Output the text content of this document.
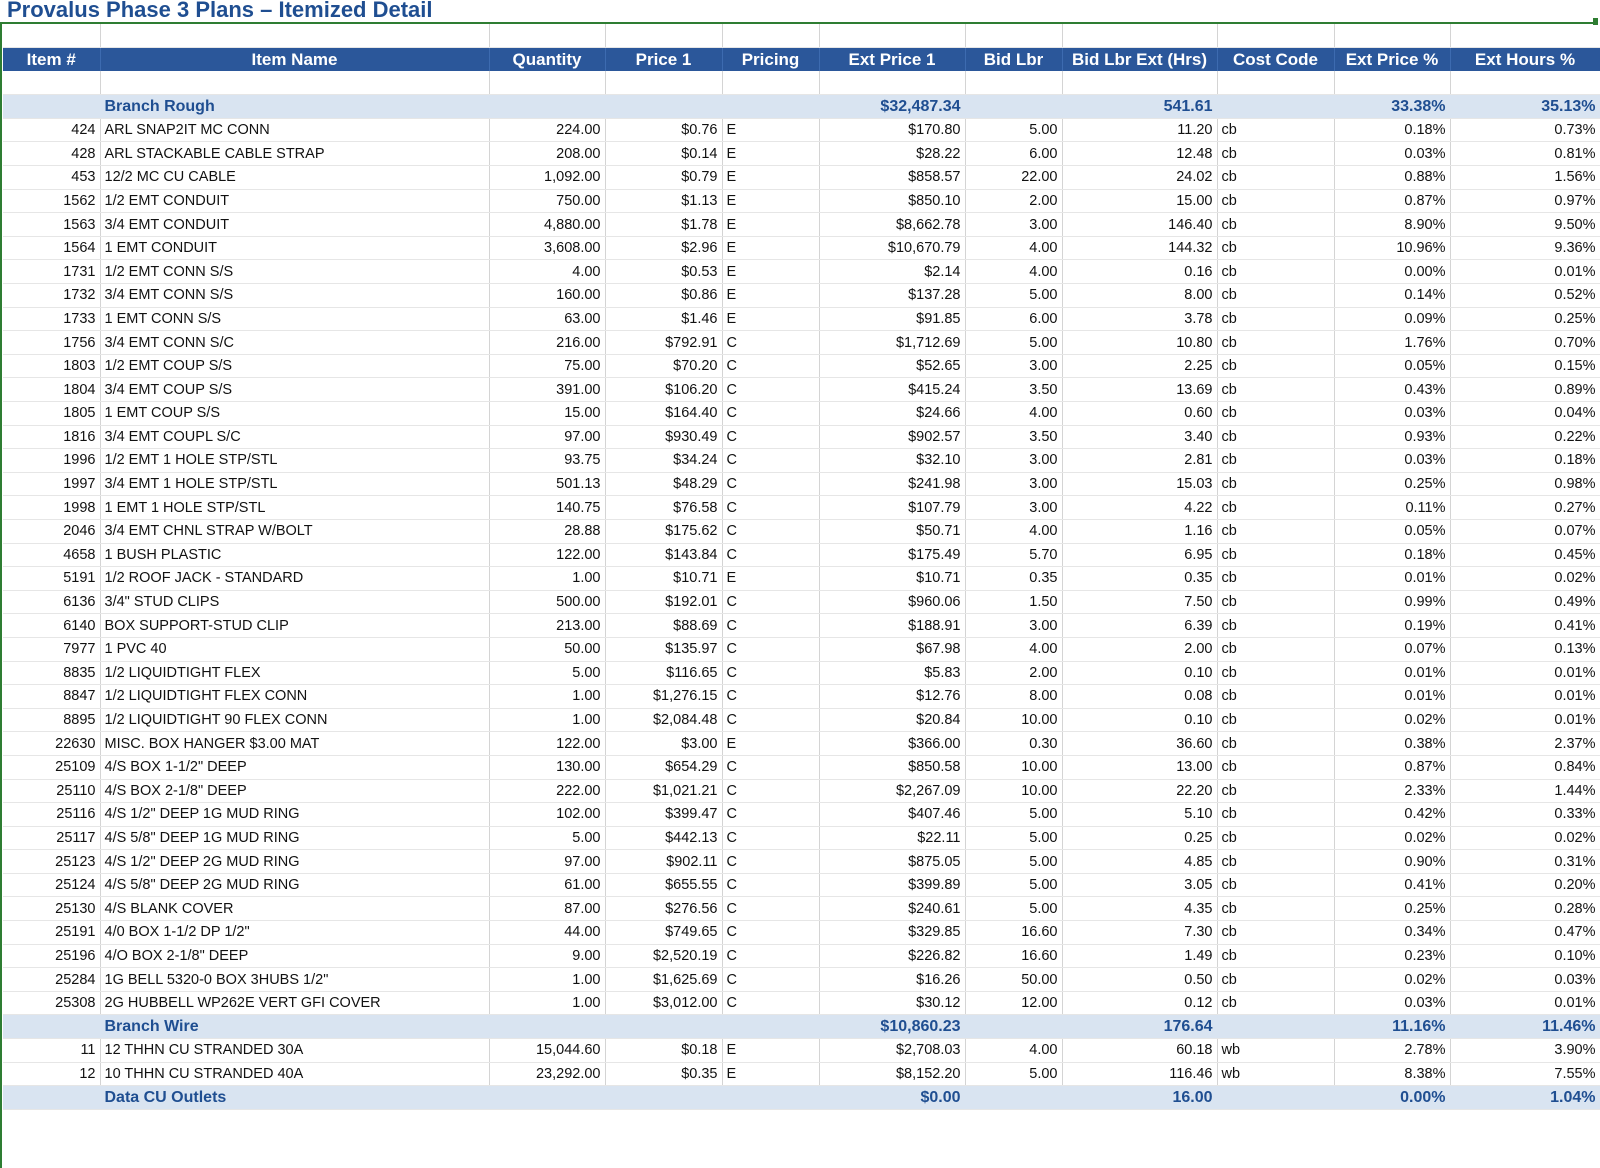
Provalus Phase 3 Plans – Itemized Detail

Item #	Item Name	Quantity	Price 1	Pricing	Ext Price 1	Bid Lbr	Bid Lbr Ext (Hrs)	Cost Code	Ext Price %	Ext Hours %

	Branch Rough				$32,487.34		541.61		33.38%	35.13%
424	ARL SNAP2IT MC CONN	224.00	$0.76	E	$170.80	5.00	11.20	cb	0.18%	0.73%
428	ARL STACKABLE CABLE STRAP	208.00	$0.14	E	$28.22	6.00	12.48	cb	0.03%	0.81%
453	12/2 MC CU CABLE	1,092.00	$0.79	E	$858.57	22.00	24.02	cb	0.88%	1.56%
1562	1/2 EMT CONDUIT	750.00	$1.13	E	$850.10	2.00	15.00	cb	0.87%	0.97%
1563	3/4 EMT CONDUIT	4,880.00	$1.78	E	$8,662.78	3.00	146.40	cb	8.90%	9.50%
1564	1 EMT CONDUIT	3,608.00	$2.96	E	$10,670.79	4.00	144.32	cb	10.96%	9.36%
1731	1/2 EMT CONN S/S	4.00	$0.53	E	$2.14	4.00	0.16	cb	0.00%	0.01%
1732	3/4 EMT CONN S/S	160.00	$0.86	E	$137.28	5.00	8.00	cb	0.14%	0.52%
1733	1 EMT CONN S/S	63.00	$1.46	E	$91.85	6.00	3.78	cb	0.09%	0.25%
1756	3/4 EMT CONN S/C	216.00	$792.91	C	$1,712.69	5.00	10.80	cb	1.76%	0.70%
1803	1/2 EMT COUP S/S	75.00	$70.20	C	$52.65	3.00	2.25	cb	0.05%	0.15%
1804	3/4 EMT COUP S/S	391.00	$106.20	C	$415.24	3.50	13.69	cb	0.43%	0.89%
1805	1 EMT COUP S/S	15.00	$164.40	C	$24.66	4.00	0.60	cb	0.03%	0.04%
1816	3/4 EMT COUPL S/C	97.00	$930.49	C	$902.57	3.50	3.40	cb	0.93%	0.22%
1996	1/2 EMT 1 HOLE STP/STL	93.75	$34.24	C	$32.10	3.00	2.81	cb	0.03%	0.18%
1997	3/4 EMT 1 HOLE STP/STL	501.13	$48.29	C	$241.98	3.00	15.03	cb	0.25%	0.98%
1998	1 EMT 1 HOLE STP/STL	140.75	$76.58	C	$107.79	3.00	4.22	cb	0.11%	0.27%
2046	3/4 EMT CHNL STRAP W/BOLT	28.88	$175.62	C	$50.71	4.00	1.16	cb	0.05%	0.07%
4658	1 BUSH PLASTIC	122.00	$143.84	C	$175.49	5.70	6.95	cb	0.18%	0.45%
5191	1/2 ROOF JACK - STANDARD	1.00	$10.71	E	$10.71	0.35	0.35	cb	0.01%	0.02%
6136	3/4" STUD CLIPS	500.00	$192.01	C	$960.06	1.50	7.50	cb	0.99%	0.49%
6140	BOX SUPPORT-STUD CLIP	213.00	$88.69	C	$188.91	3.00	6.39	cb	0.19%	0.41%
7977	1 PVC 40	50.00	$135.97	C	$67.98	4.00	2.00	cb	0.07%	0.13%
8835	1/2 LIQUIDTIGHT FLEX	5.00	$116.65	C	$5.83	2.00	0.10	cb	0.01%	0.01%
8847	1/2 LIQUIDTIGHT FLEX CONN	1.00	$1,276.15	C	$12.76	8.00	0.08	cb	0.01%	0.01%
8895	1/2 LIQUIDTIGHT 90 FLEX CONN	1.00	$2,084.48	C	$20.84	10.00	0.10	cb	0.02%	0.01%
22630	MISC. BOX HANGER $3.00 MAT	122.00	$3.00	E	$366.00	0.30	36.60	cb	0.38%	2.37%
25109	4/S BOX 1-1/2" DEEP	130.00	$654.29	C	$850.58	10.00	13.00	cb	0.87%	0.84%
25110	4/S BOX 2-1/8" DEEP	222.00	$1,021.21	C	$2,267.09	10.00	22.20	cb	2.33%	1.44%
25116	4/S 1/2" DEEP 1G MUD RING	102.00	$399.47	C	$407.46	5.00	5.10	cb	0.42%	0.33%
25117	4/S 5/8" DEEP 1G MUD RING	5.00	$442.13	C	$22.11	5.00	0.25	cb	0.02%	0.02%
25123	4/S 1/2" DEEP 2G MUD RING	97.00	$902.11	C	$875.05	5.00	4.85	cb	0.90%	0.31%
25124	4/S 5/8" DEEP 2G MUD RING	61.00	$655.55	C	$399.89	5.00	3.05	cb	0.41%	0.20%
25130	4/S BLANK COVER	87.00	$276.56	C	$240.61	5.00	4.35	cb	0.25%	0.28%
25191	4/0 BOX 1-1/2 DP 1/2"	44.00	$749.65	C	$329.85	16.60	7.30	cb	0.34%	0.47%
25196	4/O BOX 2-1/8" DEEP	9.00	$2,520.19	C	$226.82	16.60	1.49	cb	0.23%	0.10%
25284	1G BELL 5320-0 BOX 3HUBS 1/2"	1.00	$1,625.69	C	$16.26	50.00	0.50	cb	0.02%	0.03%
25308	2G HUBBELL WP262E VERT GFI COVER	1.00	$3,012.00	C	$30.12	12.00	0.12	cb	0.03%	0.01%
	Branch Wire				$10,860.23		176.64		11.16%	11.46%
11	12 THHN CU STRANDED 30A	15,044.60	$0.18	E	$2,708.03	4.00	60.18	wb	2.78%	3.90%
12	10 THHN CU STRANDED 40A	23,292.00	$0.35	E	$8,152.20	5.00	116.46	wb	8.38%	7.55%
	Data CU Outlets				$0.00		16.00		0.00%	1.04%
